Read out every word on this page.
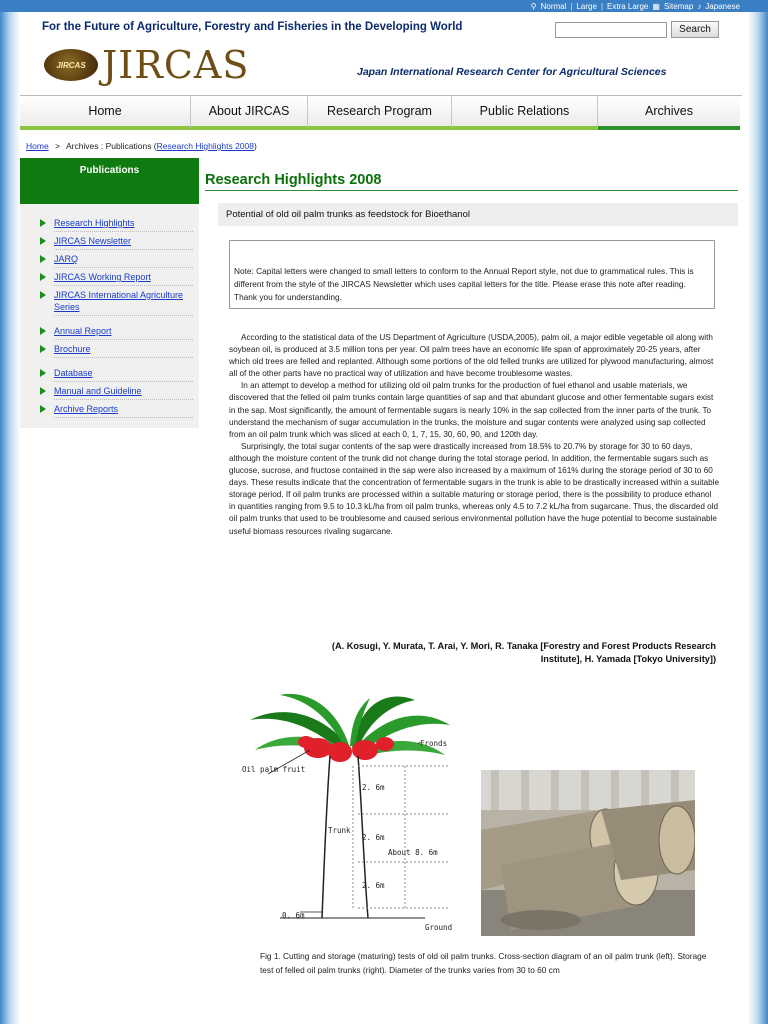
⚲ Normal | Large | Extra Large ▦ Sitemap ♪ Japanese
For the Future of Agriculture, Forestry and Fisheries in the Developing World	Search
JIRCAS JIRCAS	Japan International Research Center for Agricultural Sciences
Home	About JIRCAS	Research Program	Public Relations	Archives
Home > Archives : Publications (Research Highlights 2008)
Publications
Research Highlights
JIRCAS Newsletter
JARQ
JIRCAS Working Report
JIRCAS International Agriculture Series
Annual Report
Brochure
Database
Manual and Guideline
Archive Reports
Research Highlights 2008
Potential of old oil palm trunks as feedstock for Bioethanol
Note: Capital letters were changed to small letters to conform to the Annual Report style, not due to grammatical rules. This is different from the style of the JIRCAS Newsletter which uses capital letters for the title. Please erase this note after reading. Thank you for understanding.

According to the statistical data of the US Department of Agriculture (USDA,2005), palm oil, a major edible vegetable oil along with soybean oil, is produced at 3.5 million tons per year. Oil palm trees have an economic life span of approximately 20-25 years, after which old trees are felled and replanted. Although some portions of the old felled trunks are utilized for plywood manufacturing, almost all of the other parts have no practical way of utilization and have become troublesome wastes.

In an attempt to develop a method for utilizing old oil palm trunks for the production of fuel ethanol and usable materials, we discovered that the felled oil palm trunks contain large quantities of sap and that abundant glucose and other fermentable sugars exist in the sap. Most significantly, the amount of fermentable sugars is nearly 10% in the sap collected from the inner parts of the trunk. To understand the mechanism of sugar accumulation in the trunks, the moisture and sugar contents were analyzed using sap collected from an oil palm trunk which was sliced at each 0, 1, 7, 15, 30, 60, 90, and 120th day.

Surprisingly, the total sugar contents of the sap were drastically increased from 18.5% to 20.7% by storage for 30 to 60 days, although the moisture content of the trunk did not change during the total storage period. In addition, the fermentable sugars such as glucose, sucrose, and fructose contained in the sap were also increased by a maximum of 161% during the storage period of 30 to 60 days. These results indicate that the concentration of fermentable sugars in the trunk is able to be drastically increased within a suitable storage period. If oil palm trunks are processed within a suitable maturing or storage period, there is the possibility to produce ethanol in quantities ranging from 9.5 to 10.3 kL/ha from oil palm trunks, whereas only 4.5 to 7.2 kL/ha from sugarcane. Thus, the discarded old oil palm trunks that used to be troublesome and caused serious environmental pollution have the huge potential to become sustainable useful biomass resources rivaling sugarcane.

(A. Kosugi, Y. Murata, T. Arai, Y. Mori, R. Tanaka [Forestry and Forest Products Research
Institute], H. Yamada [Tokyo University])
Fronds
Oil palm fruit
Trunk
2. 6m
2. 6m
About 8. 6m
2. 6m
0. 6m
Ground
Fig 1. Cutting and storage (maturing) tests of old oil palm trunks. Cross-section diagram of an oil palm trunk (left). Storage test of felled oil palm trunks (right). Diameter of the trunks varies from 30 to 60 cm
